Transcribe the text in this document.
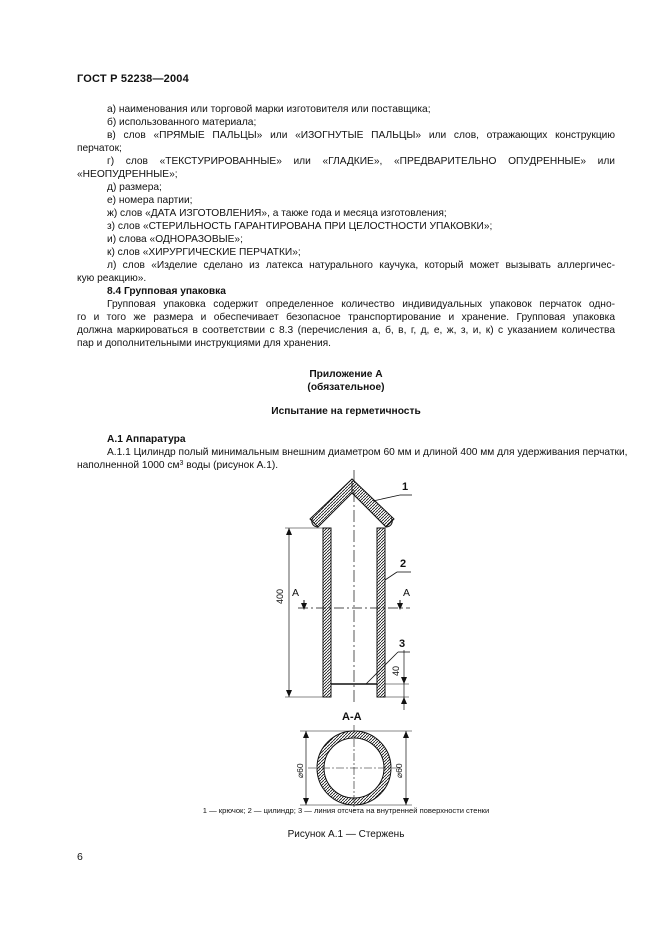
ГОСТ Р 52238—2004
а) наименования или торговой марки изготовителя или поставщика;
б) использованного материала;
в) слов «ПРЯМЫЕ ПАЛЬЦЫ» или «ИЗОГНУТЫЕ ПАЛЬЦЫ» или слов, отражающих конструкцию
перчаток;
г) слов «ТЕКСТУРИРОВАННЫЕ» или «ГЛАДКИЕ», «ПРЕДВАРИТЕЛЬНО ОПУДРЕННЫЕ» или
«НЕОПУДРЕННЫЕ»;
д) размера;
е) номера партии;
ж) слов «ДАТА ИЗГОТОВЛЕНИЯ», а также года и месяца изготовления;
з) слов «СТЕРИЛЬНОСТЬ ГАРАНТИРОВАНА ПРИ ЦЕЛОСТНОСТИ УПАКОВКИ»;
и) слова «ОДНОРАЗОВЫЕ»;
к) слов «ХИРУРГИЧЕСКИЕ ПЕРЧАТКИ»;
л) слов «Изделие сделано из латекса натурального каучука, который может вызывать аллергичес-
кую реакцию».
8.4 Групповая упаковка
Групповая упаковка содержит определенное количество индивидуальных упаковок перчаток одно-
го и того же размера и обеспечивает безопасное транспортирование и хранение. Групповая упаковка
должна маркироваться в соответствии с 8.3 (перечисления а, б, в, г, д, е, ж, з, и, к) с указанием количества
пар и дополнительными инструкциями для хранения.
Приложение А
(обязательное)
Испытание на герметичность
А.1 Аппаратура
А.1.1 Цилиндр полый минимальным внешним диаметром 60 мм и длиной 400 мм для удерживания перчатки,
наполненной 1000 $см^3$ воды (рисунок А.1).
1
2
3
400
40
А	А
А-А
⌀60	⌀60
1 — крючок; 2 — цилиндр; 3 — линия отсчета на внутренней поверхности стенки
Рисунок А.1 — Стержень
6
